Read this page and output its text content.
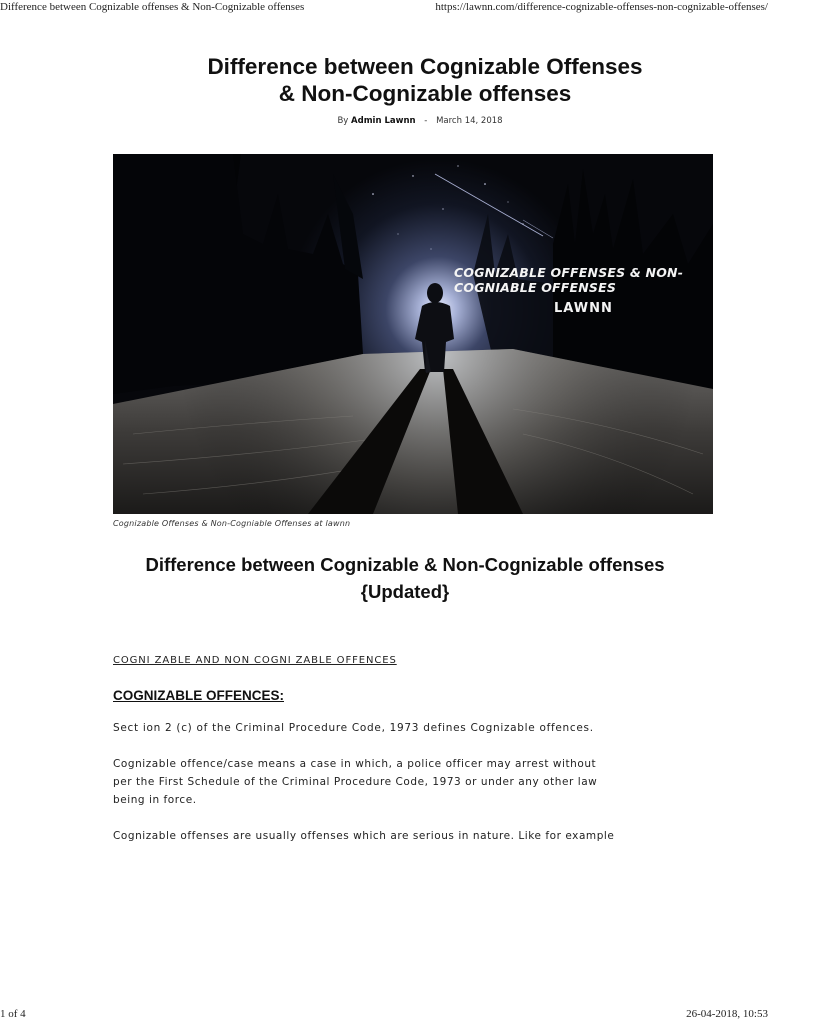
Difference between Cognizable offenses & Non-Cognizable offenses	https://lawnn.com/difference-cognizable-offenses-non-cognizable-offenses/
Difference between Cognizable Offenses
& Non-Cognizable offenses
By Admin Lawnn - March 14, 2018
COGNIZABLE OFFENSES & NON-
COGNIABLE OFFENSES
LAWNN
Cognizable Offenses & Non-Cogniable Offenses at lawnn
Difference between Cognizable & Non-Cognizable offenses
{Updated}
COGNI ZABLE AND NON COGNI ZABLE OFFENCES
COGNIZABLE OFFENCES:
Sect ion 2 (c) of the Criminal Procedure Code, 1973 defines Cognizable offences.
Cognizable offence/case means a case in which, a police officer may arrest without
per the First Schedule of the Criminal Procedure Code, 1973 or under any other law
being in force.
Cognizable offenses are usually offenses which are serious in nature. Like for example
1 of 4	26-04-2018, 10:53
